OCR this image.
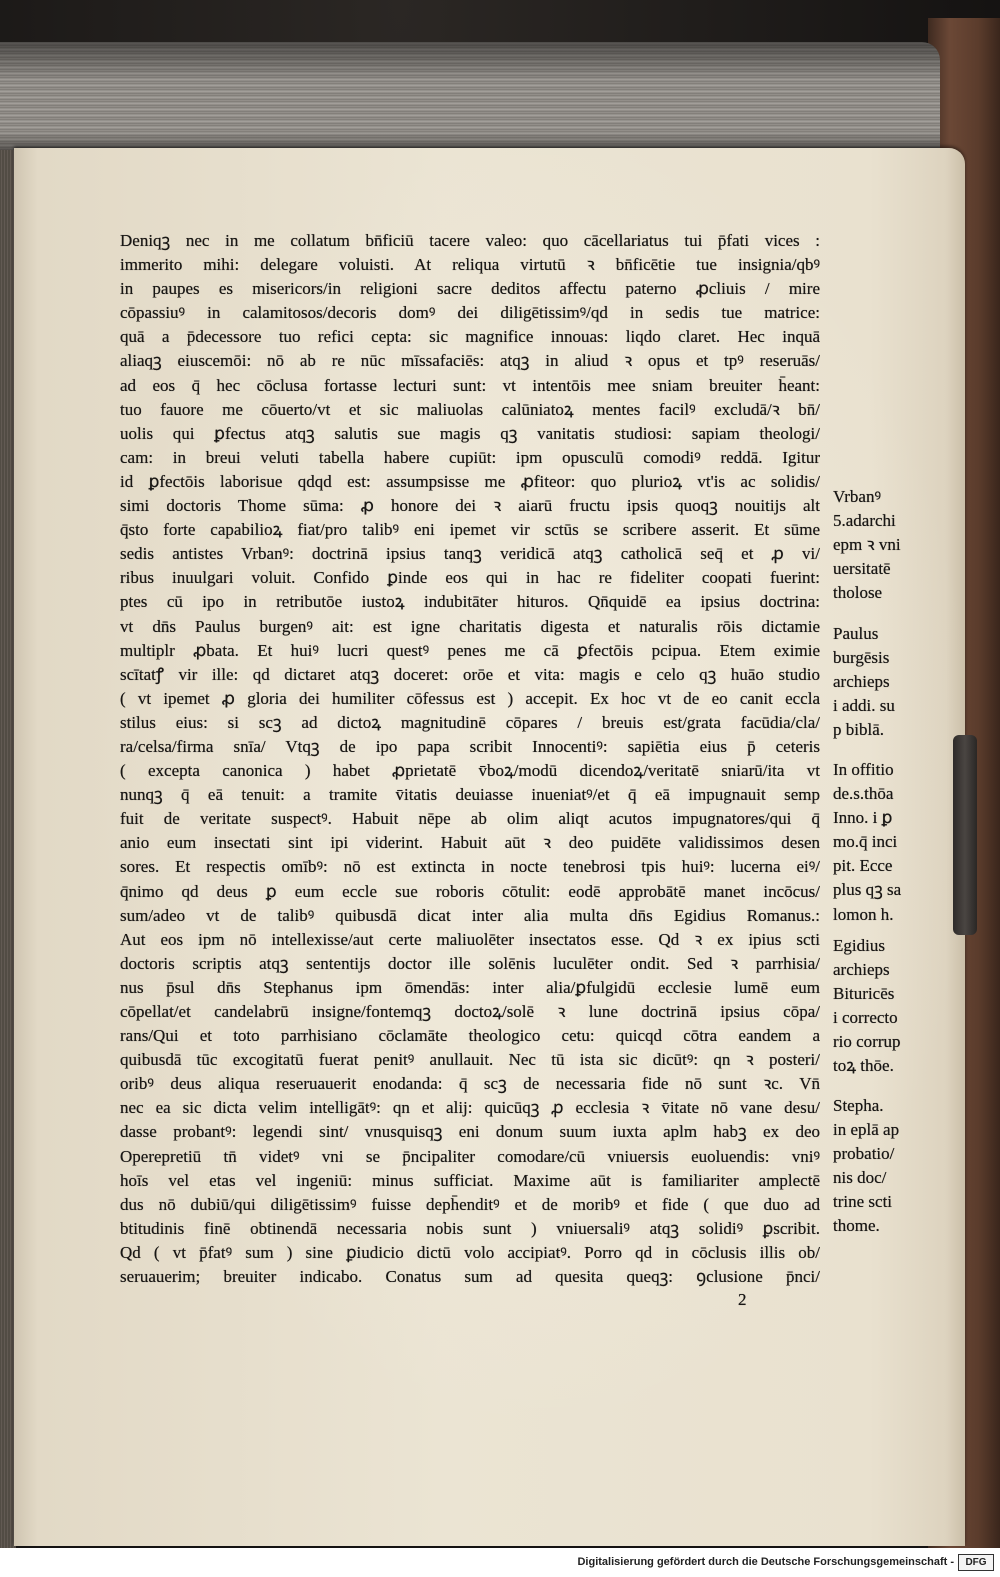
Deniqꝫ nec in me collatum bn̄ficiū tacere valeo: quo cācellariatus tui p̄fati vices :
immerito mihi: delegare voluisti. At reliqua virtutū ꝛ bn̄ficētie tue insignia/qbꝰ
in paupes es misericors/in religioni sacre deditos affectu paterno ꝓcliuis / mire
cōpassiuꝰ in calamitosos/decoris domꝰ dei diligētissimꝰ/qd in sedis tue matrice:
quā a p̄decessore tuo refici cepta: sic magnifice innouas: liqdo claret. Hec inquā
aliaqꝫ eiuscemōi: nō ab re nūc mīssafaciēs: atqꝫ in aliud ꝛ opus et tpꝰ reseruās/
ad eos q̄ hec cōclusa fortasse lecturi sunt: vt intentōis mee sniam breuiter h̄eant:
tuo fauore me cōuerto/vt et sic maliuolas calūniatoꝝ mentes facilꝰ excludā/ꝛ bn̄/
uolis qui ꝑfectus atqꝫ salutis sue magis qꝫ vanitatis studiosi: sapiam theologi/
cam: in breui veluti tabella habere cupiūt: ipm opusculū comodiꝰ reddā. Igitur
id ꝑfectōis laborisue qdqd est: assumpsisse me ꝓfiteor: quo plurioꝝ vt'is ac solidis/
simi doctoris Thome sūma: ꝓ honore dei ꝛ aiarū fructu ipsis quoqꝫ nouitijs alt
q̄sto forte capabilioꝝ fiat/pro talibꝰ eni ipemet vir sctūs se scribere asserit. Et sūme
sedis antistes Vrbanꝰ: doctrinā ipsius tanqꝫ veridicā atqꝫ catholicā seq̄ et ꝓ vi/
ribus inuulgari voluit. Confido ꝑinde eos qui in hac re fideliter coopati fuerint:
ptes cū ipo in retributōe iustoꝝ indubitāter hituros. Qn̄quidē ea ipsius doctrina:
vt dn̄s Paulus burgenꝰ ait: est igne charitatis digesta et naturalis rōis dictamie
multiplr ꝓbata. Et huiꝰ lucri questꝰ penes me cā ꝑfectōis pcipua. Etem eximie
scītatꝭ vir ille: qd dictaret atqꝫ doceret: orōe et vita: magis e celo qꝫ huāo studio
( vt ipemet ꝓ gloria dei humiliter cōfessus est ) accepit. Ex hoc vt de eo canit eccla
stilus eius: si scꝫ ad dictoꝝ magnitudinē cōpares / breuis est/grata facūdia/cla/
ra/celsa/firma snīa/ Vtqꝫ de ipo papa scribit Innocentiꝰ: sapiētia eius p̄ ceteris
( excepta canonica ) habet ꝓprietatē v̄boꝝ/modū dicendoꝝ/veritatē sniarū/ita vt
nunqꝫ q̄ eā tenuit: a tramite v̄itatis deuiasse inueniatꝰ/et q̄ eā impugnauit semp
fuit de veritate suspectꝰ. Habuit nēpe ab olim aliqt acutos impugnatores/qui q̄
anio eum insectati sint ipi viderint. Habuit aūt ꝛ deo puidēte validissimos desen
sores. Et respectis omībꝰ: nō est extincta in nocte tenebrosi tpis huiꝰ: lucerna eiꝰ/
q̄nimo qd deus ꝑ eum eccle sue roboris cōtulit: eodē approbātē manet incōcus/
sum/adeo vt de talibꝰ quibusdā dicat inter alia multa dn̄s Egidius Romanus.:
Aut eos ipm nō intellexisse/aut certe maliuolēter insectatos esse. Qd ꝛ ex ipius scti
doctoris scriptis atqꝫ sententijs doctor ille solēnis luculēter ondit. Sed ꝛ parrhisia/
nus p̄sul dn̄s Stephanus ipm ōmendās: inter alia/ꝑfulgidū ecclesie lumē eum
cōpellat/et candelabrū insigne/fontemqꝫ doctoꝝ/solē ꝛ lune doctrinā ipsius cōpa/
rans/Qui et toto parrhisiano cōclamāte theologico cetu: quicqd cōtra eandem a
quibusdā tūc excogitatū fuerat penitꝰ anullauit. Nec tū ista sic dicūtꝰ: qn ꝛ posteri/
oribꝰ deus aliqua reseruauerit enodanda: q̄ scꝫ de necessaria fide nō sunt ꝛc. Vn̄
nec ea sic dicta velim intelligātꝰ: qn et alij: quicūqꝫ ꝓ ecclesia ꝛ v̄itate nō vane desu/
dasse probantꝰ: legendi sint/ vnusquisqꝫ eni donum suum iuxta aplm habꝫ ex deo
Operepretiū tn̄ videtꝰ vni se p̄ncipaliter comodare/cū vniuersis euoluendis: vniꝰ
hoīs vel etas vel ingeniū: minus sufficiat. Maxime aūt is familiariter amplectē
dus nō dubiū/qui diligētissimꝰ fuisse deph̄enditꝰ et de moribꝰ et fide ( que duo ad
btitudinis finē obtinendā necessaria nobis sunt ) vniuersaliꝰ atqꝫ solidiꝰ ꝑscribit.
Qd ( vt p̄fatꝰ sum ) sine ꝑiudicio dictū volo accipiatꝰ. Porro qd in cōclusis illis ob/
seruauerim; breuiter indicabo. Conatus sum ad quesita queqꝫ: ꝯclusione p̄nci/
Vrbanꝰ
5.adarchi
epm ꝛ vni
uersitatē
tholose
Paulus
burgēsis
archieps
i addi. su
p biblā.
In offitio
de.s.thōa
Inno. i ꝑ
mo.q̄ inci
pit. Ecce
plus qꝫ sa
lomon h.
Egidius
archieps
Bituricēs
i correcto
rio corrup
toꝝ thōe.
Stepha.
in eplā ap
probatio/
nis doc/
trine scti
thome.
2
Digitalisierung gefördert durch die Deutsche Forschungsgemeinschaft -	DFG
